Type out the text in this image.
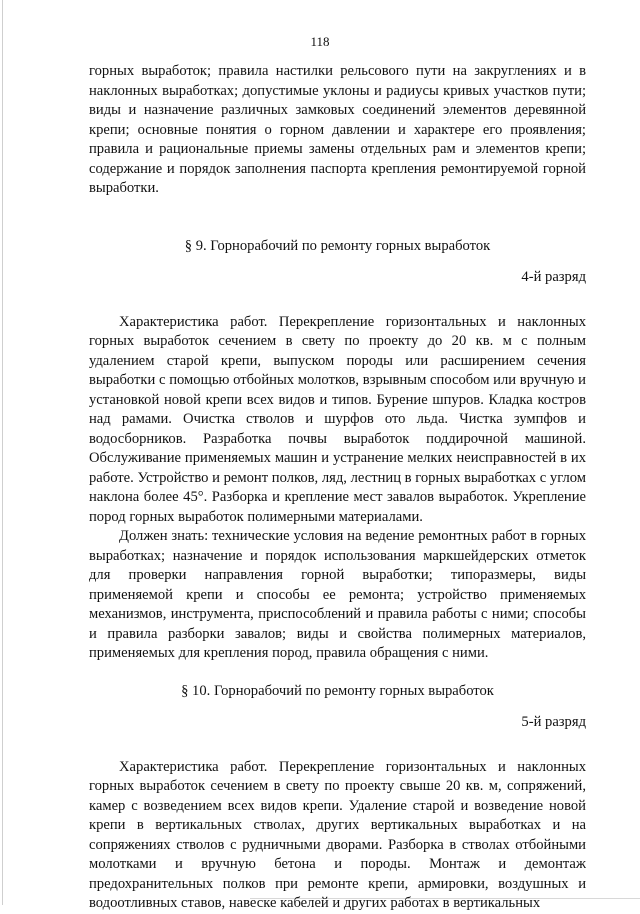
118

горных выработок; правила настилки рельсового пути на закруглениях и в наклонных выработках; допустимые уклоны и радиусы кривых участков пути; виды и назначение различных замковых соединений элементов деревянной крепи; основные понятия о горном давлении и характере его проявления; правила и рациональные приемы замены отдельных рам и элементов крепи; содержание и порядок заполнения паспорта крепления ремонтируемой горной выработки.

§ 9. Горнорабочий по ремонту горных выработок

4-й разряд

Характеристика работ. Перекрепление горизонтальных и наклонных горных выработок сечением в свету по проекту до 20 кв. м с полным удалением старой крепи, выпуском породы или расширением сечения выработки с помощью отбойных молотков, взрывным способом или вручную и установкой новой крепи всех видов и типов. Бурение шпуров. Кладка костров над рамами. Очистка стволов и шурфов ото льда. Чистка зумпфов и водосборников. Разработка почвы выработок поддирочной машиной. Обслуживание применяемых машин и устранение мелких неисправностей в их работе. Устройство и ремонт полков, ляд, лестниц в горных выработках с углом наклона более 45°. Разборка и крепление мест завалов выработок. Укрепление пород горных выработок полимерными материалами.

Должен знать: технические условия на ведение ремонтных работ в горных выработках; назначение и порядок использования маркшейдерских отметок для проверки направления горной выработки; типоразмеры, виды применяемой крепи и способы ее ремонта; устройство применяемых механизмов, инструмента, приспособлений и правила работы с ними; способы и правила разборки завалов; виды и свойства полимерных материалов, применяемых для крепления пород, правила обращения с ними.

§ 10. Горнорабочий по ремонту горных выработок

5-й разряд

Характеристика работ. Перекрепление горизонтальных и наклонных горных выработок сечением в свету по проекту свыше 20 кв. м, сопряжений, камер с возведением всех видов крепи. Удаление старой и возведение новой крепи в вертикальных стволах, других вертикальных выработках и на сопряжениях стволов с рудничными дворами. Разборка в стволах отбойными молотками и вручную бетона и породы. Монтаж и демонтаж предохранительных полков при ремонте крепи, армировки, воздушных и водоотливных ставов, навеске кабелей и других работах в вертикальных
